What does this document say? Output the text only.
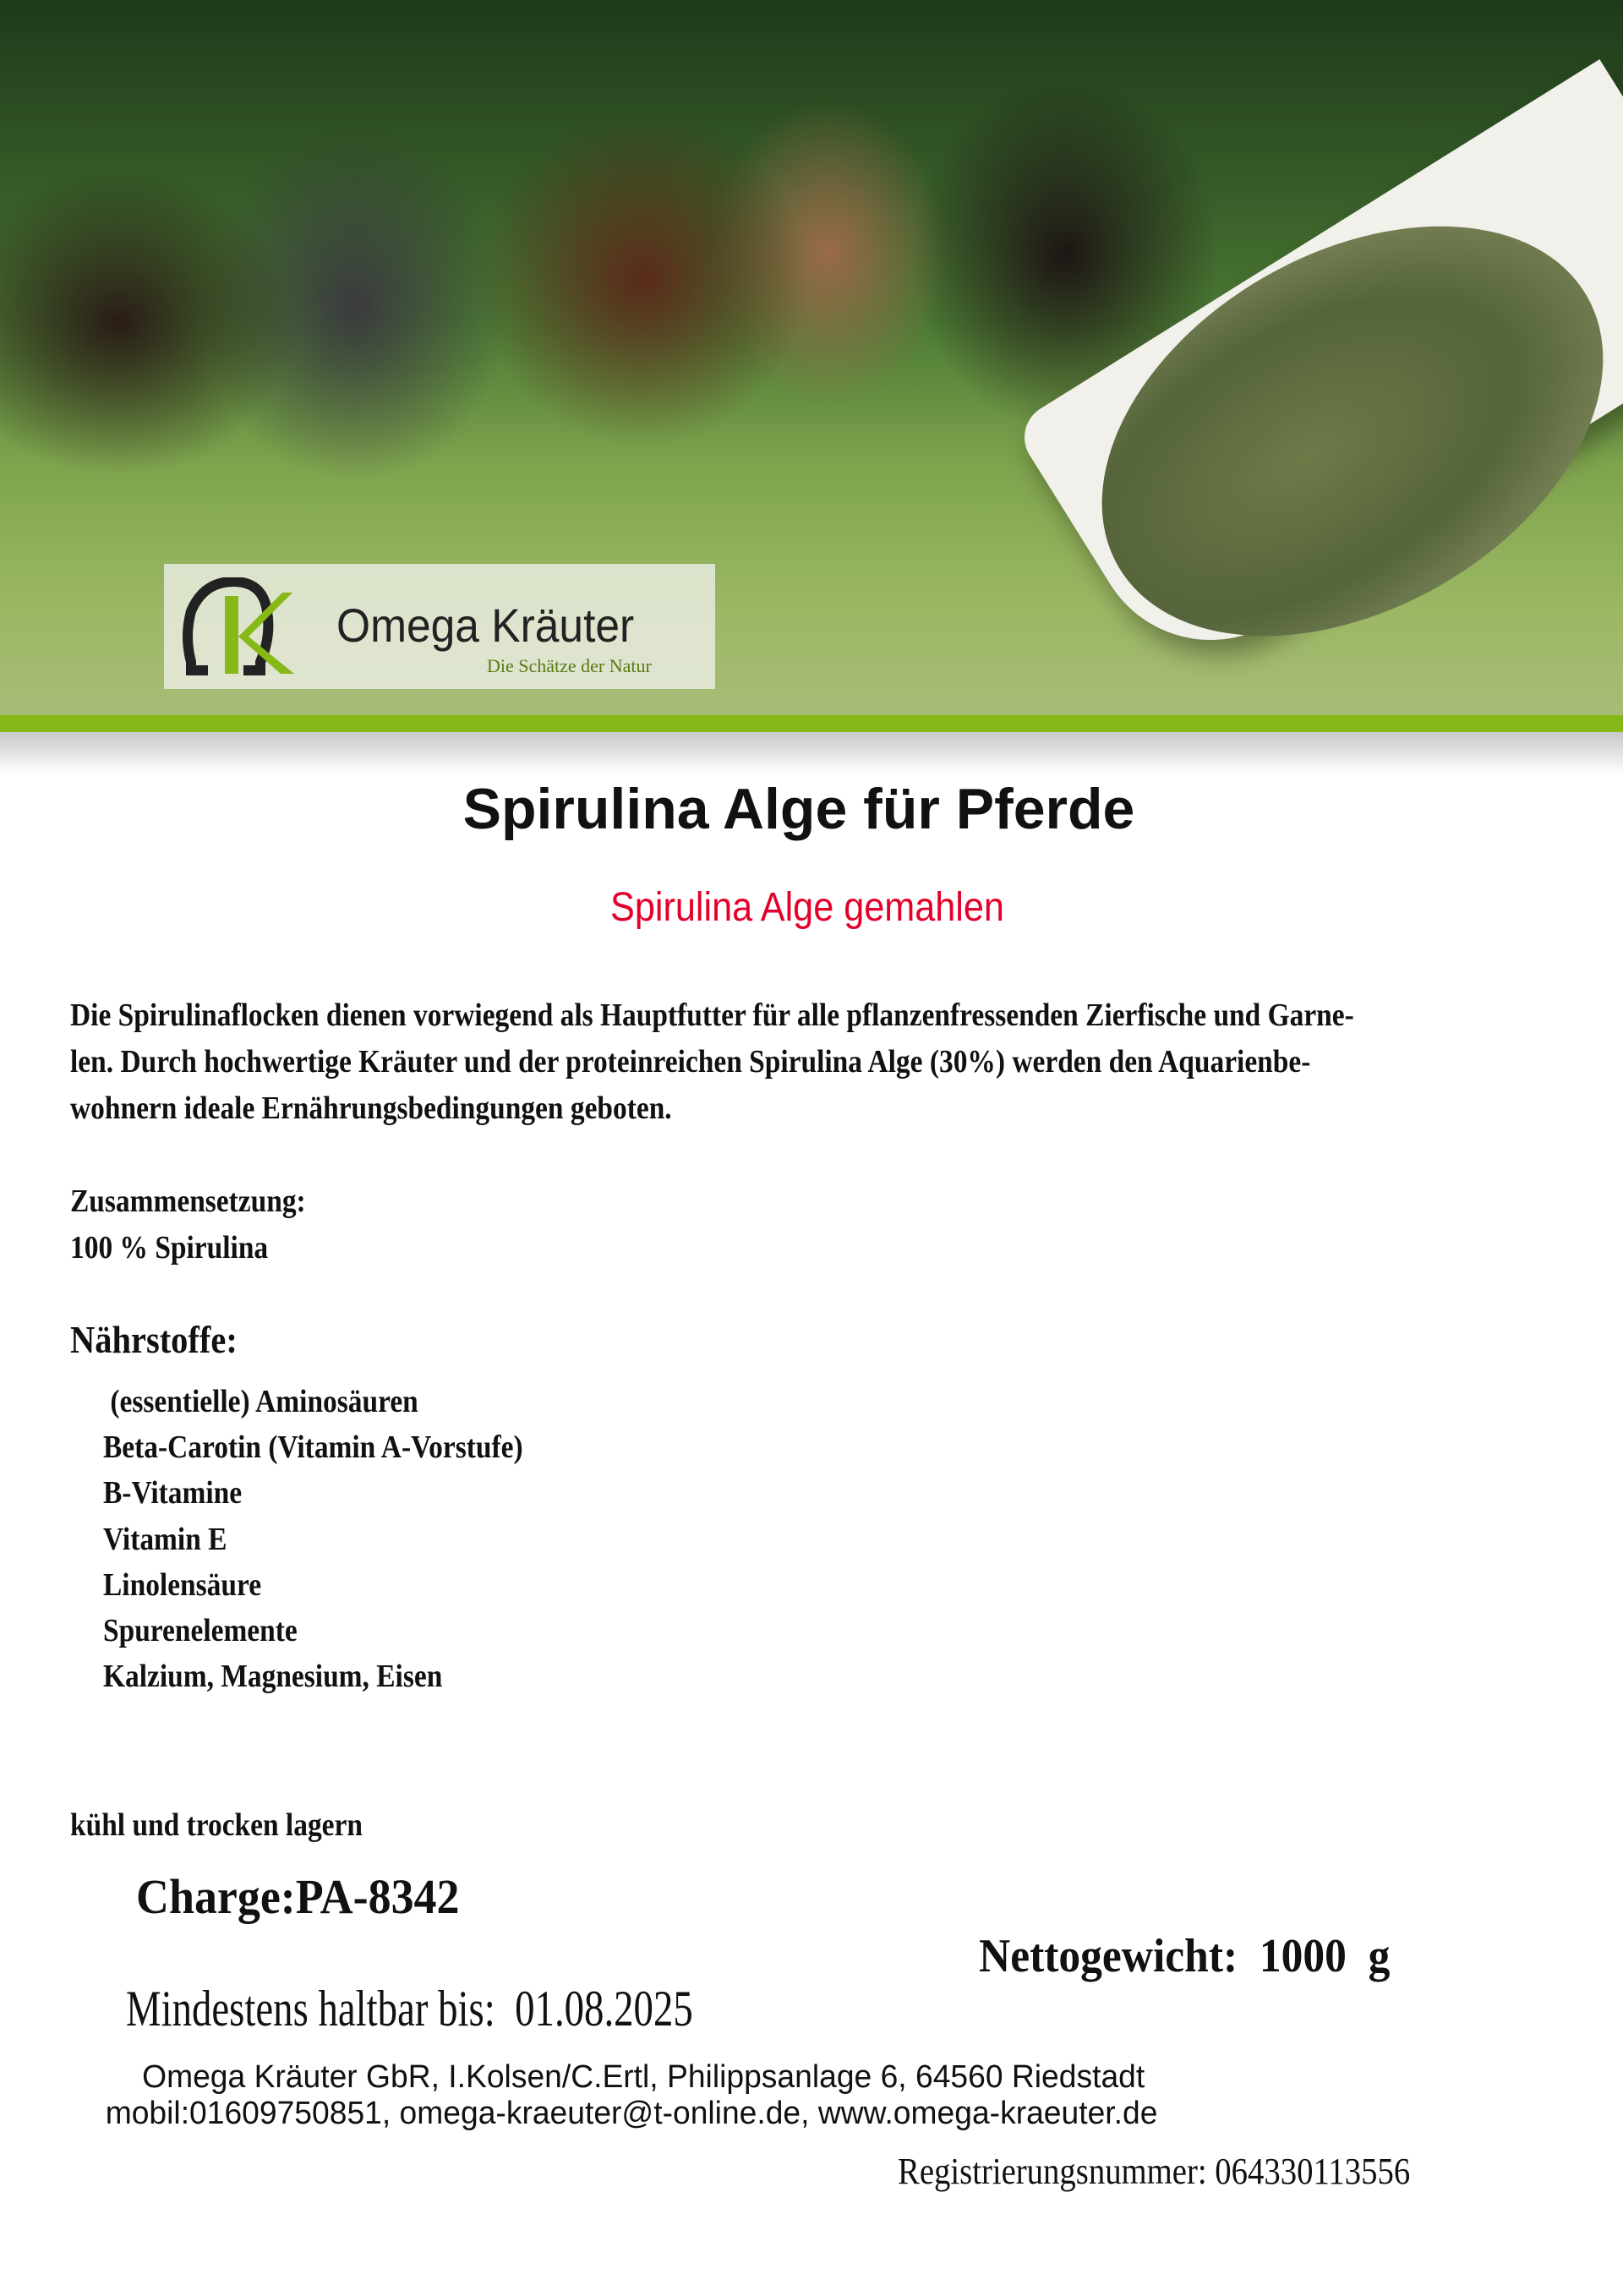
Omega Kräuter
Die Schätze der Natur
Spirulina Alge für Pferde
Spirulina Alge gemahlen
Die Spirulinaflocken dienen vorwiegend als Hauptfutter für alle pflanzenfressenden Zierfische und Garne-
len. Durch hochwertige Kräuter und der proteinreichen Spirulina Alge (30%) werden den Aquarienbe-
wohnern ideale Ernährungsbedingungen geboten.
Zusammensetzung:
100 % Spirulina
Nährstoffe:
(essentielle) Aminosäuren
Beta-Carotin (Vitamin A-Vorstufe)
B-Vitamine
Vitamin E
Linolensäure
Spurenelemente
Kalzium, Magnesium, Eisen
kühl und trocken lagern
Charge:PA-8342
Nettogewicht:  1000  g
Mindestens haltbar bis:  01.08.2025
Omega Kräuter GbR, I.Kolsen/C.Ertl, Philippsanlage 6, 64560 Riedstadt
mobil:01609750851, omega-kraeuter@t-online.de, www.omega-kraeuter.de
Registrierungsnummer: 064330113556
